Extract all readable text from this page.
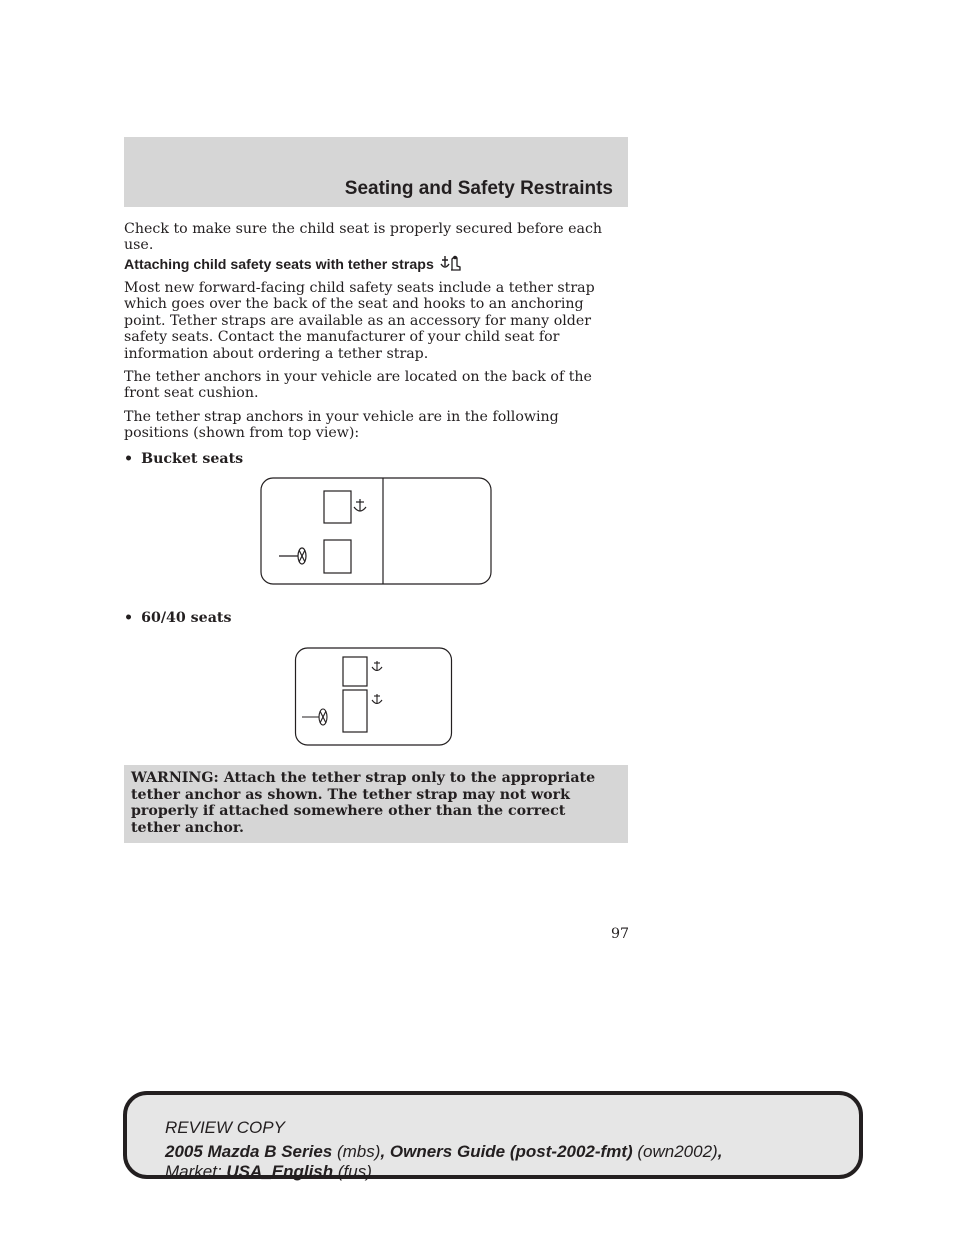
Seating and Safety Restraints
Check to make sure the child seat is properly secured before each use.
Attaching child safety seats with tether straps
Most new forward-facing child safety seats include a tether strap which goes over the back of the seat and hooks to an anchoring point. Tether straps are available as an accessory for many older safety seats. Contact the manufacturer of your child seat for information about ordering a tether strap.
The tether anchors in your vehicle are located on the back of the front seat cushion.
The tether strap anchors in your vehicle are in the following positions (shown from top view):
• Bucket seats
• 60/40 seats
WARNING: Attach the tether strap only to the appropriate tether anchor as shown. The tether strap may not work properly if attached somewhere other than the correct tether anchor.
97
REVIEW COPY
2005 Mazda B Series (mbs), Owners Guide (post-2002-fmt) (own2002),
Market: USA_English (fus)
